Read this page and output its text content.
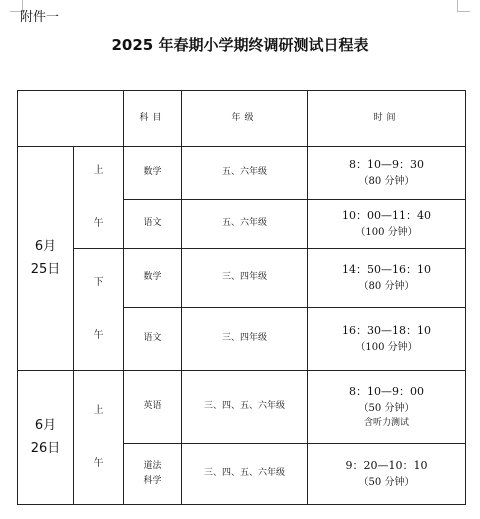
附件一
2025 年春期小学期终调研测试日程表
		科目	年级	时间

6月
25日	上
午	数学	五、六年级	8：10—9：30
（80 分钟）

		语文	五、六年级	10：00—11：40
（100 分钟）

	下
午	数学	三、四年级	14：50—16：10
（80 分钟）

		语文	三、四年级	16：30—18：10
（100 分钟）

6月
26日	上
午	英语	三、四、五、六年级	8：10—9：00
（50 分钟）
含听力测试

		道法
科学	三、四、五、六年级	9：20—10：10
（50 分钟）
